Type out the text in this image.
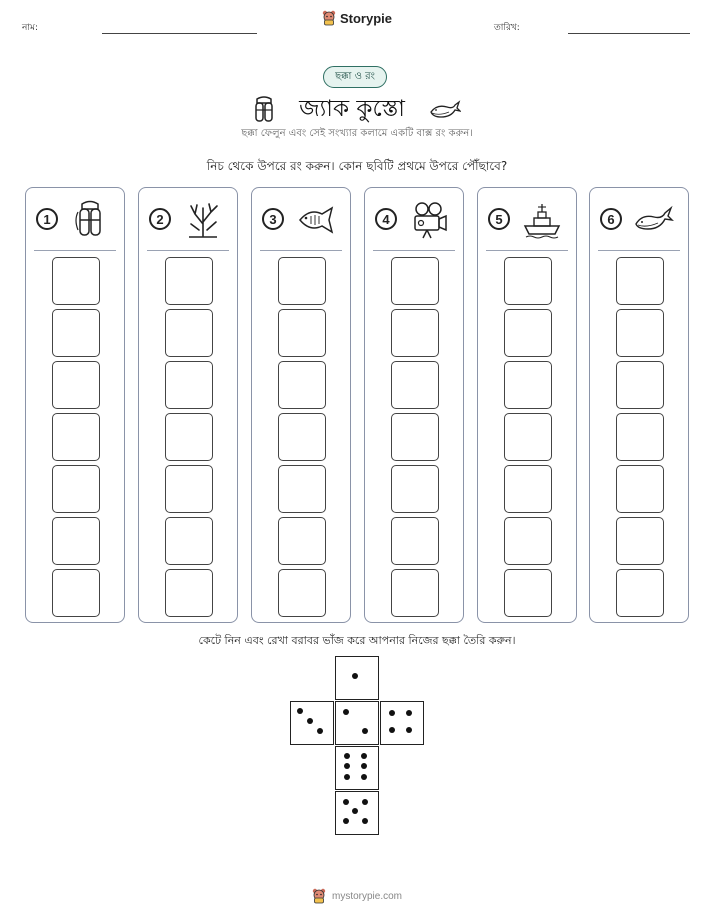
নাম:
Storypie
তারিখ:
ছক্কা ও রং
জ্যাক কুস্তো
ছক্কা ফেলুন এবং সেই সংখ্যার কলামে একটি বাক্স রং করুন।
নিচ থেকে উপরে রং করুন। কোন ছবিটি প্রথমে উপরে পৌঁছাবে?
1	2	3	4	5	6
কেটে নিন এবং রেখা বরাবর ভাঁজ করে আপনার নিজের ছক্কা তৈরি করুন।
mystorypie.com
